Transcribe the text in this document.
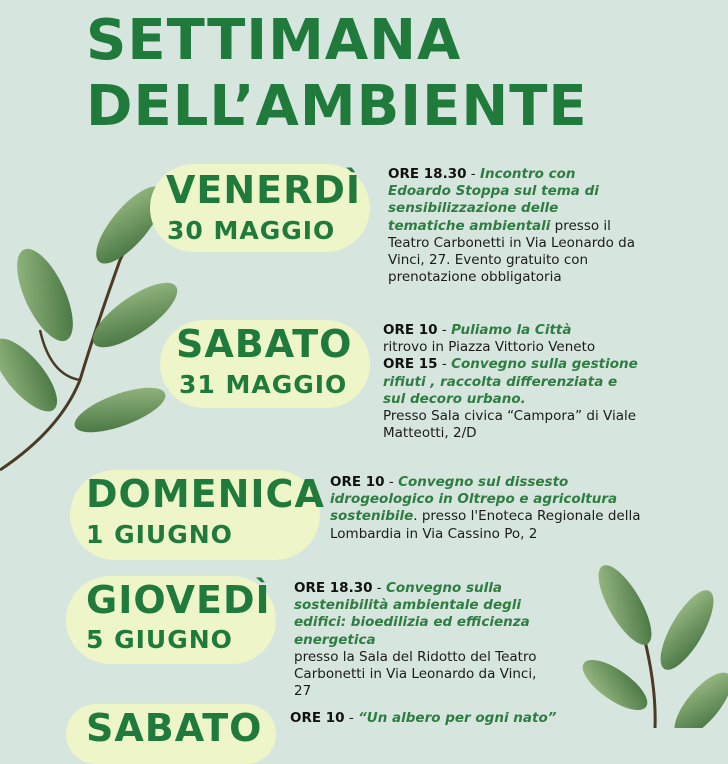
SETTIMANA
DELL’AMBIENTE
VENERDÌ
30 MAGGIO
ORE 18.30 - Incontro con Edoardo Stoppa sul tema di sensibilizzazione delle tematiche ambientali presso il Teatro Carbonetti in Via Leonardo da Vinci, 27. Evento gratuito con prenotazione obbligatoria
SABATO
31 MAGGIO
ORE 10 - Puliamo la Città
ritrovo in Piazza Vittorio Veneto
ORE 15 - Convegno sulla gestione rifiuti , raccolta differenziata e sul decoro urbano.
Presso Sala civica “Campora” di Viale Matteotti, 2/D
DOMENICA
1 GIUGNO
ORE 10 - Convegno sul dissesto idrogeologico in Oltrepo e agricoltura sostenibile. presso l'Enoteca Regionale della Lombardia in Via Cassino Po, 2
GIOVEDÌ
5 GIUGNO
ORE 18.30 - Convegno sulla sostenibilità ambientale degli edifici: bioedilizia ed efficienza energetica
presso la Sala del Ridotto del Teatro Carbonetti in Via Leonardo da Vinci, 27
SABATO ORE 10 - “Un albero per ogni nato”
